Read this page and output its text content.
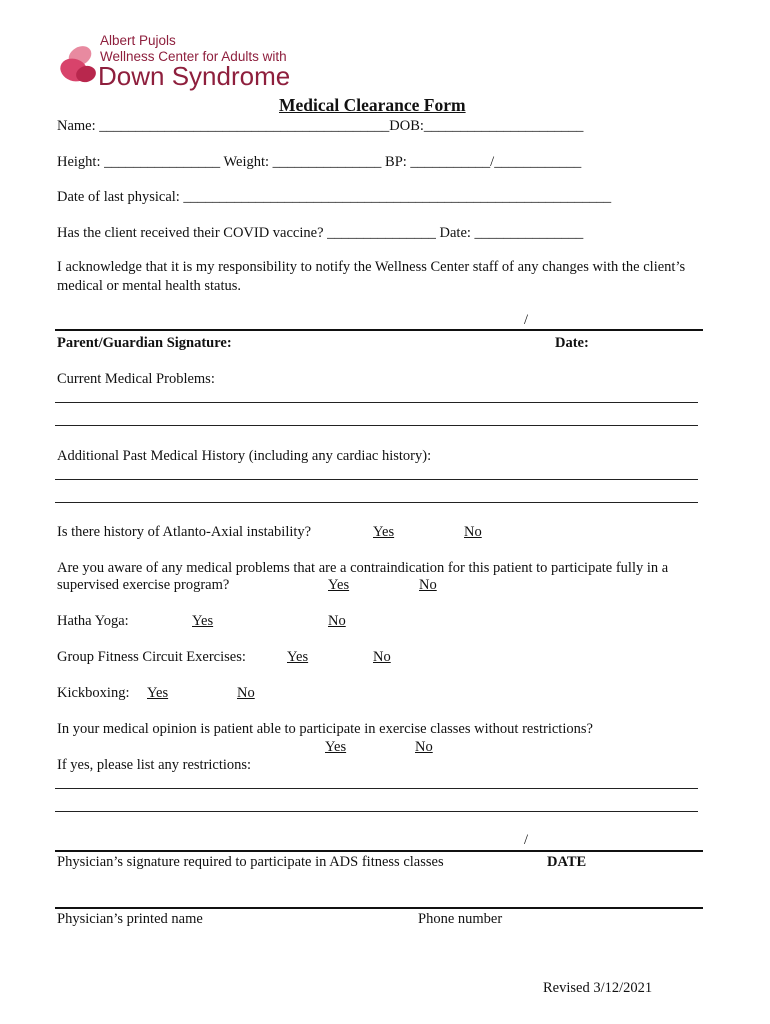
Albert Pujols
Wellness Center for Adults with
Down Syndrome
Medical Clearance Form
Name: ________________________________________DOB:______________________
Height: ________________ Weight: _______________ BP: ___________/____________
Date of last physical: ___________________________________________________________
Has the client received their COVID vaccine? _______________ Date: _______________
I acknowledge that it is my responsibility to notify the Wellness Center staff of any changes with the client’s medical or mental health status.
/
Parent/Guardian Signature:	Date:
Current Medical Problems:
Additional Past Medical History (including any cardiac history):
Is there history of Atlanto-Axial instability?	Yes	No
Are you aware of any medical problems that are a contraindication for this patient to participate fully in a
supervised exercise program?	Yes	No
Hatha Yoga:	Yes	No
Group Fitness Circuit Exercises:	Yes	No
Kickboxing: Yes	No
In your medical opinion is patient able to participate in exercise classes without restrictions?
Yes	No
If yes, please list any restrictions:
/
Physician’s signature required to participate in ADS fitness classes	DATE
Physician’s printed name	Phone number
Revised 3/12/2021
